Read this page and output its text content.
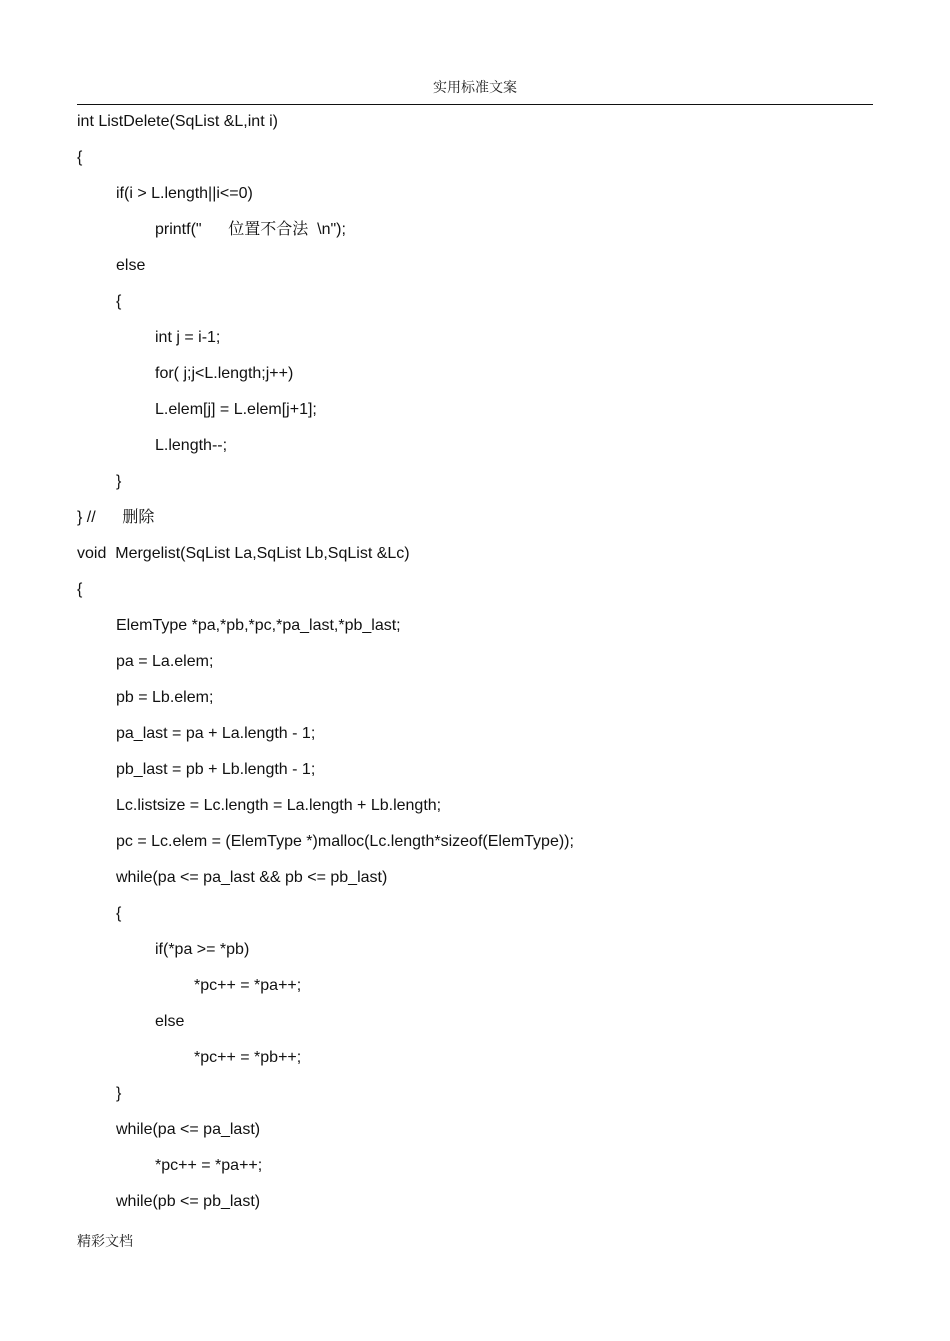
实用标准文案
int ListDelete(SqList &L,int i)
{
if(i > L.length||i<=0)
printf("      位置不合法  \n");
else
{
int j = i-1;
for( j;j<L.length;j++)
L.elem[j] = L.elem[j+1];
L.length--;
}
} //      删除
void  Mergelist(SqList La,SqList Lb,SqList &Lc)
{
ElemType *pa,*pb,*pc,*pa_last,*pb_last;
pa = La.elem;
pb = Lb.elem;
pa_last = pa + La.length - 1;
pb_last = pb + Lb.length - 1;
Lc.listsize = Lc.length = La.length + Lb.length;
pc = Lc.elem = (ElemType *)malloc(Lc.length*sizeof(ElemType));
while(pa <= pa_last && pb <= pb_last)
{
if(*pa >= *pb)
*pc++ = *pa++;
else
*pc++ = *pb++;
}
while(pa <= pa_last)
*pc++ = *pa++;
while(pb <= pb_last)
精彩文档
